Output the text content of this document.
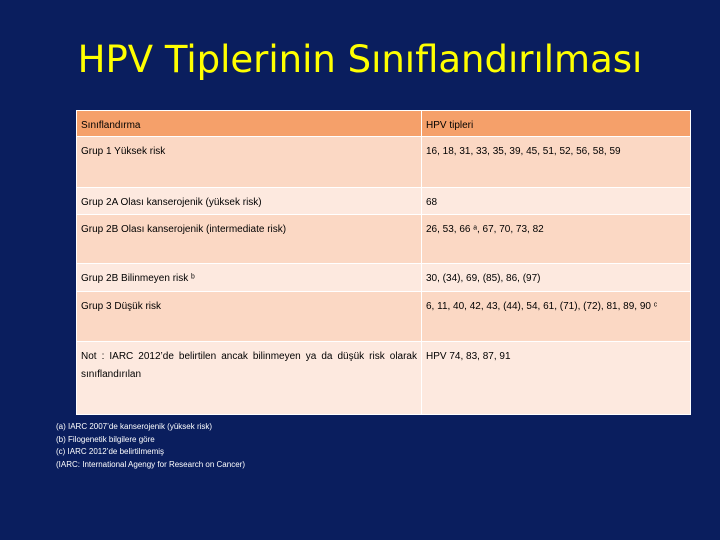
HPV Tiplerinin Sınıflandırılması
Sınıflandırma	HPV tipleri
Grup 1 Yüksek risk	16, 18, 31, 33, 35, 39, 45, 51, 52, 56, 58, 59
Grup 2A Olası kanserojenik (yüksek risk)	68
Grup 2B Olası kanserojenik (intermediate risk)	26, 53, 66 ᵃ, 67, 70, 73, 82
Grup 2B Bilinmeyen risk ᵇ	30, (34), 69, (85), 86, (97)
Grup 3 Düşük risk	6, 11, 40, 42, 43, (44), 54, 61, (71), (72), 81, 89, 90 ᶜ
Not : IARC 2012’de belirtilen ancak bilinmeyen ya da düşük risk olarak sınıflandırılan	HPV 74, 83, 87, 91
(a) IARC 2007’de kanserojenik (yüksek risk)
(b) Filogenetik bilgilere göre
(c) IARC 2012’de belirtilmemiş
(IARC: International Agengy for Research on Cancer)
